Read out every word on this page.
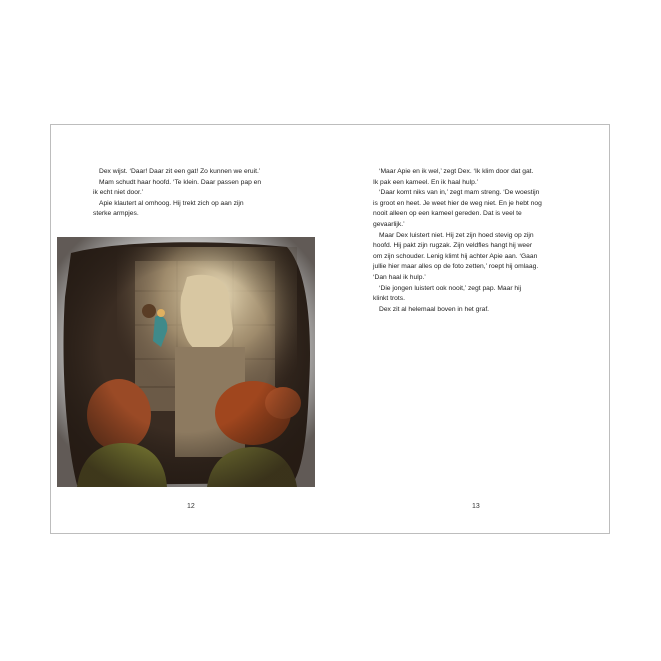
Dex wijst. ‘Daar! Daar zit een gat! Zo kunnen we eruit.’

Mam schudt haar hoofd. ‘Te klein. Daar passen pap en
ik echt niet door.’

Apie klautert al omhoog. Hij trekt zich op aan zijn
sterke armpjes.

12

‘Maar Apie en ik wel,’ zegt Dex. ‘Ik klim door dat gat.
Ik pak een kameel. En ik haal hulp.’

‘Daar komt niks van in,’ zegt mam streng. ‘De woestijn
is groot en heet. Je weet hier de weg niet. En je hebt nog
nooit alleen op een kameel gereden. Dat is veel te
gevaarlijk.’

Maar Dex luistert niet. Hij zet zijn hoed stevig op zijn
hoofd. Hij pakt zijn rugzak. Zijn veldfles hangt hij weer
om zijn schouder. Lenig klimt hij achter Apie aan. ‘Gaan
jullie hier maar alles op de foto zetten,’ roept hij omlaag.
‘Dan haal ik hulp.’

‘Die jongen luistert ook nooit,’ zegt pap. Maar hij
klinkt trots.

Dex zit al helemaal boven in het graf.

13
